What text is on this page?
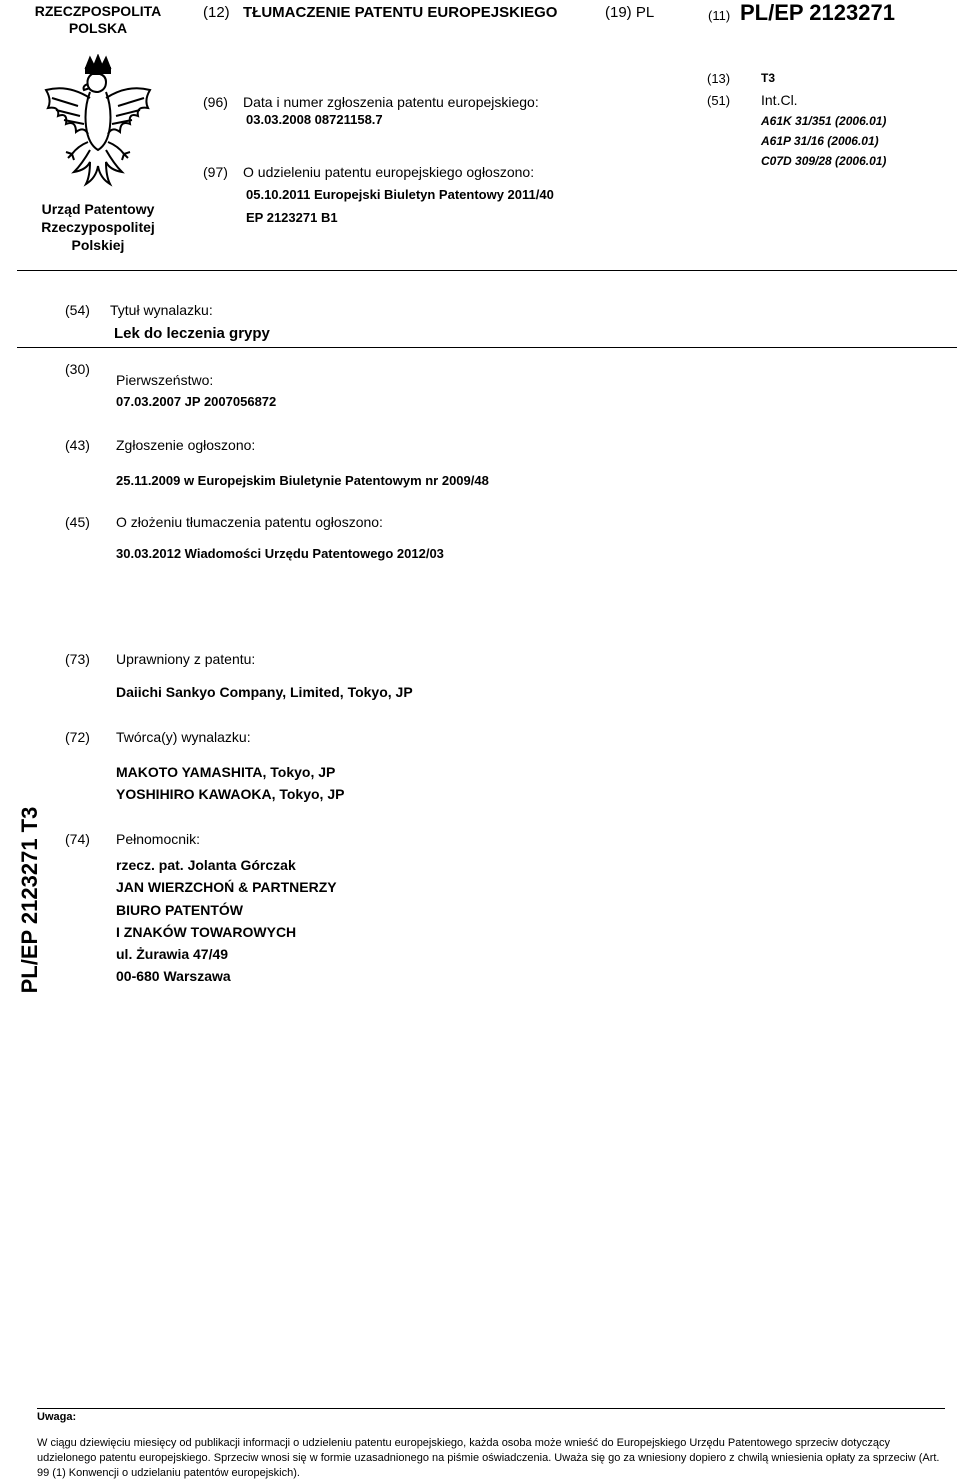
RZECZPOSPOLITA
POLSKA
(12) TŁUMACZENIE PATENTU EUROPEJSKIEGO	(19) PL	(11) PL/EP 2123271
Urząd Patentowy
Rzeczypospolitej
Polskiej
(96) Data i numer zgłoszenia patentu europejskiego:
03.03.2008 08721158.7
(97) O udzieleniu patentu europejskiego ogłoszono:
05.10.2011 Europejski Biuletyn Patentowy 2011/40
EP 2123271 B1
(13)	T3
(51) Int.Cl.
A61K 31/351 (2006.01)
A61P 31/16 (2006.01)
C07D 309/28 (2006.01)
(54) Tytuł wynalazku:
Lek do leczenia grypy
(30)
Pierwszeństwo:
07.03.2007 JP 2007056872
(43) Zgłoszenie ogłoszono:
25.11.2009 w Europejskim Biuletynie Patentowym nr 2009/48
(45) O złożeniu tłumaczenia patentu ogłoszono:
30.03.2012 Wiadomości Urzędu Patentowego 2012/03
(73) Uprawniony z patentu:
Daiichi Sankyo Company, Limited, Tokyo, JP
(72) Twórca(y) wynalazku:
MAKOTO YAMASHITA, Tokyo, JP
YOSHIHIRO KAWAOKA, Tokyo, JP
PL/EP 2123271 T3 (74) Pełnomocnik:
rzecz. pat. Jolanta Górczak
JAN WIERZCHOŃ & PARTNERZY
BIURO PATENTÓW
I ZNAKÓW TOWAROWYCH
ul. Żurawia 47/49
00-680 Warszawa
Uwaga:
W ciągu dziewięciu miesięcy od publikacji informacji o udzieleniu patentu europejskiego, każda osoba może wnieść do Europejskiego Urzędu Patentowego sprzeciw dotyczący udzielonego patentu europejskiego. Sprzeciw wnosi się w formie uzasadnionego na piśmie oświadczenia. Uważa się go za wniesiony dopiero z chwilą wniesienia opłaty za sprzeciw (Art. 99 (1) Konwencji o udzielaniu patentów europejskich).
